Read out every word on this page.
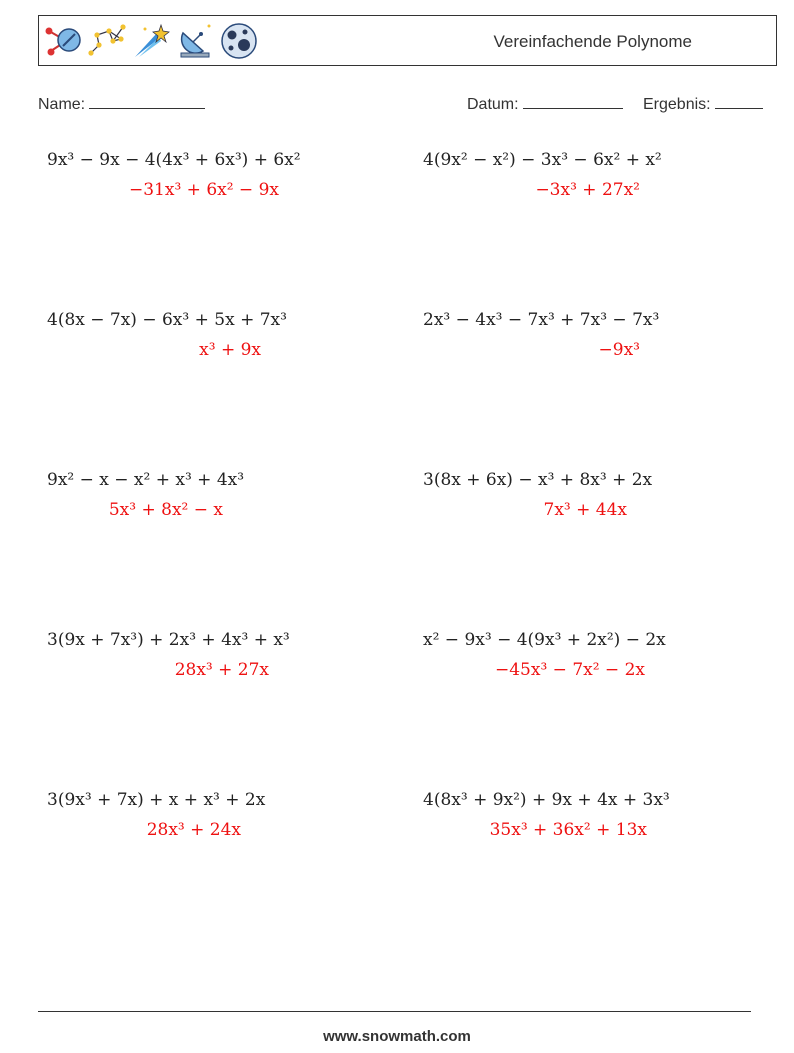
Vereinfachende Polynome
Name:	Datum:	Ergebnis:
9x³ − 9x − 4(4x³ + 6x³) + 6x²
−31x³ + 6x² − 9x
4(9x² − x²) − 3x³ − 6x² + x²
−3x³ + 27x²
4(8x − 7x) − 6x³ + 5x + 7x³
x³ + 9x
2x³ − 4x³ − 7x³ + 7x³ − 7x³
−9x³
9x² − x − x² + x³ + 4x³
5x³ + 8x² − x
3(8x + 6x) − x³ + 8x³ + 2x
7x³ + 44x
3(9x + 7x³) + 2x³ + 4x³ + x³
28x³ + 27x
x² − 9x³ − 4(9x³ + 2x²) − 2x
−45x³ − 7x² − 2x
3(9x³ + 7x) + x + x³ + 2x
28x³ + 24x
4(8x³ + 9x²) + 9x + 4x + 3x³
35x³ + 36x² + 13x
www.snowmath.com
